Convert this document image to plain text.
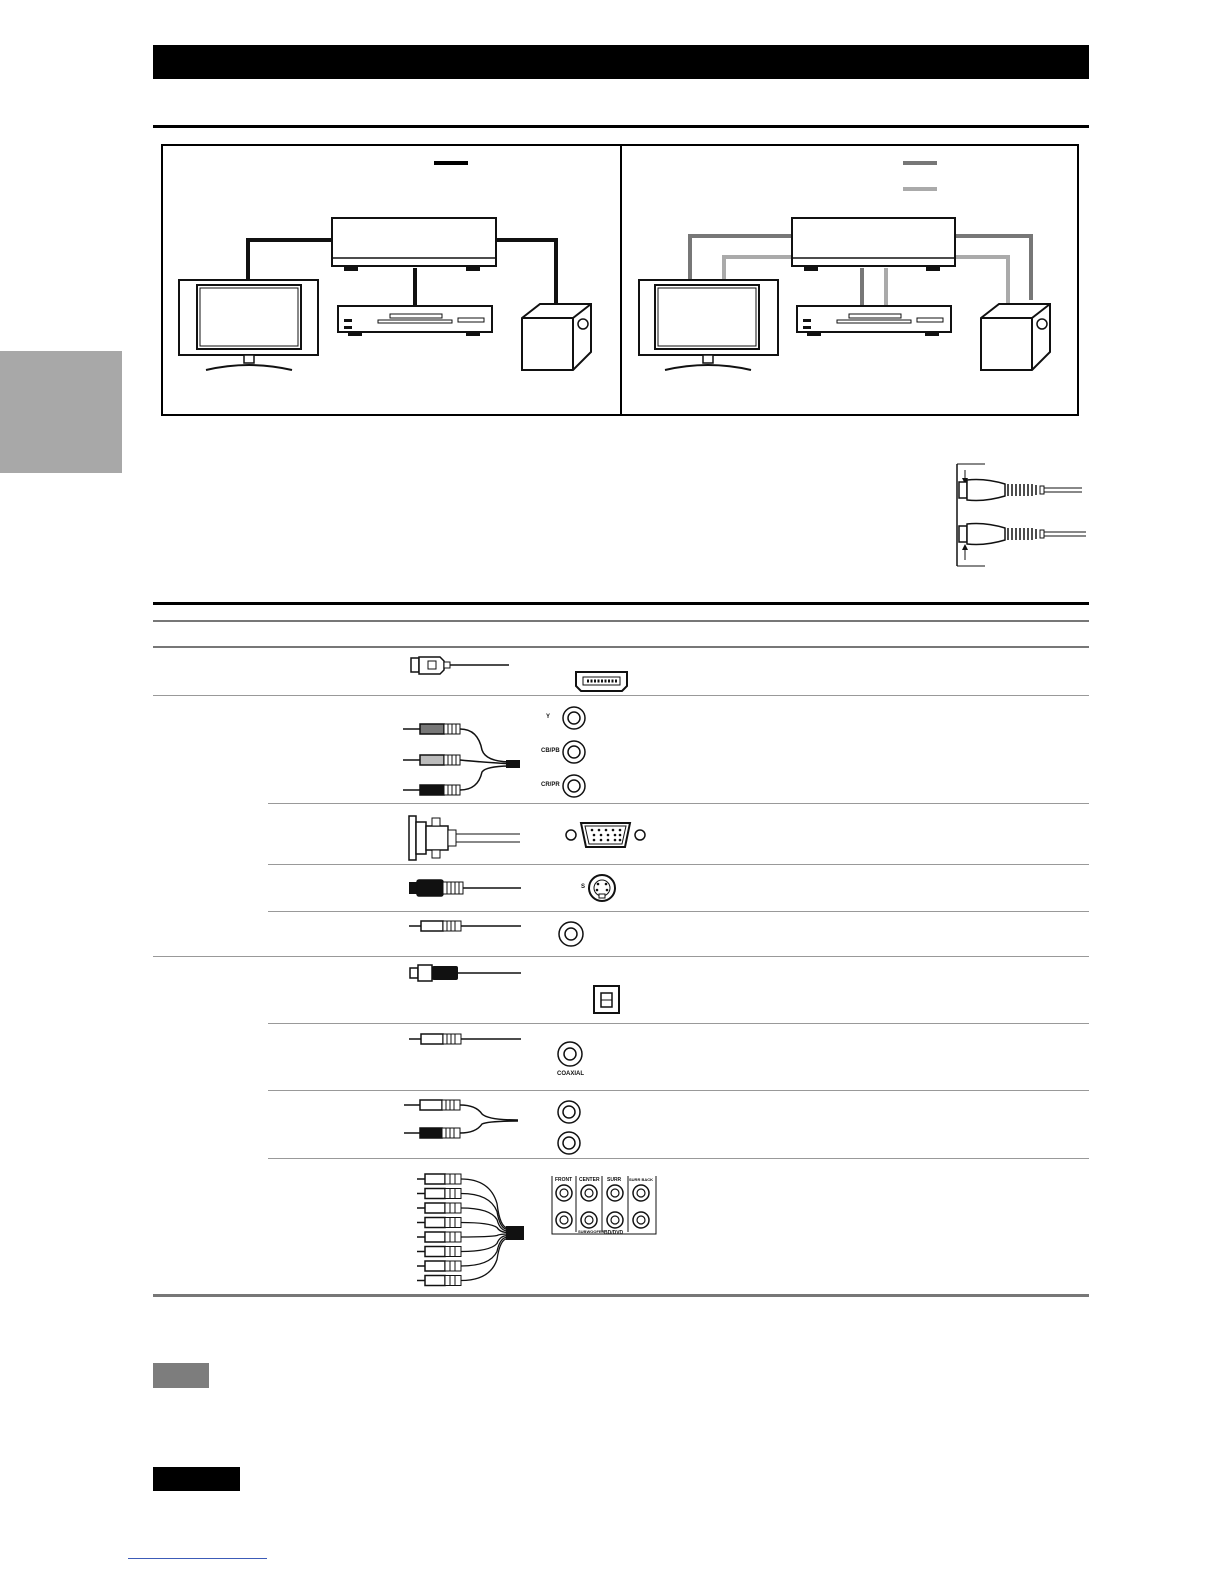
Y
CB/PB
CR/PR
S
COAXIAL
FRONT CENTER SURR SURR BACK
SUBWOOFER BD/DVD
